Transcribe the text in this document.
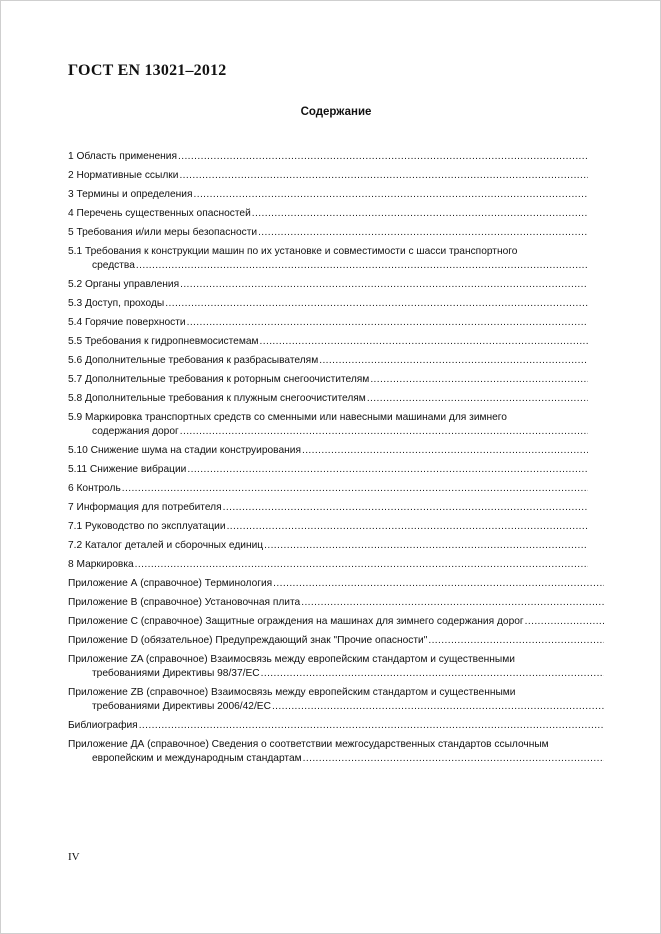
ГОСТ EN 13021–2012
Содержание
1 Область применения
.....
2 Нормативные ссылки
.....
3 Термины и определения
.....
4 Перечень существенных опасностей
.....
5 Требования и/или меры безопасности
.....
5.1 Требования к конструкции машин по их установке и совместимости с шасси транспортного
средства
.....
5.2 Органы управления
.....
5.3 Доступ, проходы
.....
5.4 Горячие поверхности
.....
5.5 Требования к гидропневмосистемам
.....
5.6 Дополнительные требования к разбрасывателям
.....
5.7 Дополнительные требования к роторным снегоочистителям
.....
5.8 Дополнительные требования к плужным снегоочистителям
.....
5.9 Маркировка транспортных средств со сменными или навесными машинами для зимнего
содержания дорог
.....
5.10 Снижение шума на стадии конструирования
.....
5.11 Снижение вибрации
.....
6 Контроль
.....
7 Информация для потребителя
.....
7.1 Руководство по эксплуатации
.....
7.2 Каталог деталей и сборочных единиц
.....
8 Маркировка
.....
Приложение А (справочное) Терминология
.....
Приложение В (справочное) Установочная плита
.....
Приложение С (справочное) Защитные ограждения на машинах для зимнего содержания дорог
.....
Приложение D (обязательное) Предупреждающий знак "Прочие опасности"
.....
Приложение ZA (справочное) Взаимосвязь между европейским стандартом и существенными
требованиями Директивы 98/37/ЕС
.....
Приложение ZB (справочное) Взаимосвязь между европейским стандартом и существенными
требованиями Директивы 2006/42/ЕС
.....
Библиография
.....
Приложение ДА (справочное) Сведения о соответствии межгосударственных стандартов ссылочным
европейским и международным стандартам
.....
IV
